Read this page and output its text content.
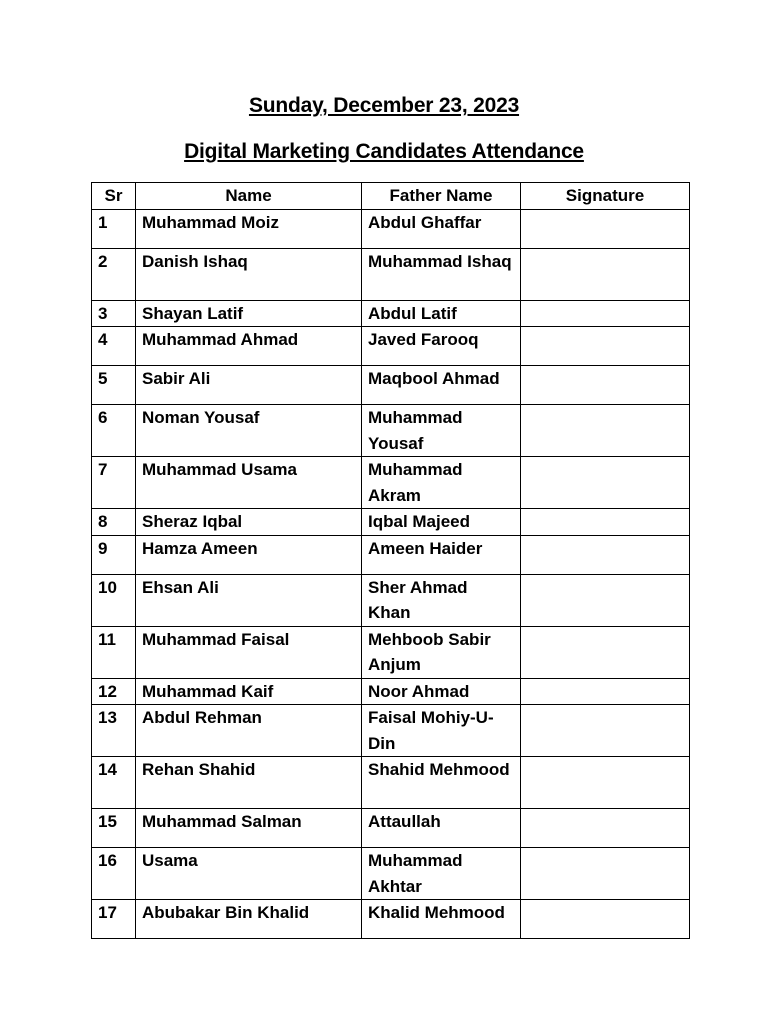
Sunday, December 23, 2023
Digital Marketing Candidates Attendance
Sr	Name	Father Name	Signature
1	Muhammad Moiz	Abdul Ghaffar	
2	Danish Ishaq	Muhammad Ishaq	
3	Shayan Latif	Abdul Latif	
4	Muhammad Ahmad	Javed Farooq	
5	Sabir Ali	Maqbool Ahmad	
6	Noman Yousaf	Muhammad Yousaf	
7	Muhammad Usama	Muhammad Akram	
8	Sheraz Iqbal	Iqbal Majeed	
9	Hamza Ameen	Ameen Haider	
10	Ehsan Ali	Sher Ahmad Khan	
11	Muhammad Faisal	Mehboob Sabir Anjum	
12	Muhammad Kaif	Noor Ahmad	
13	Abdul Rehman	Faisal Mohiy-U-Din	
14	Rehan Shahid	Shahid Mehmood	
15	Muhammad Salman	Attaullah	
16	Usama	Muhammad Akhtar	
17	Abubakar Bin Khalid	Khalid Mehmood	
